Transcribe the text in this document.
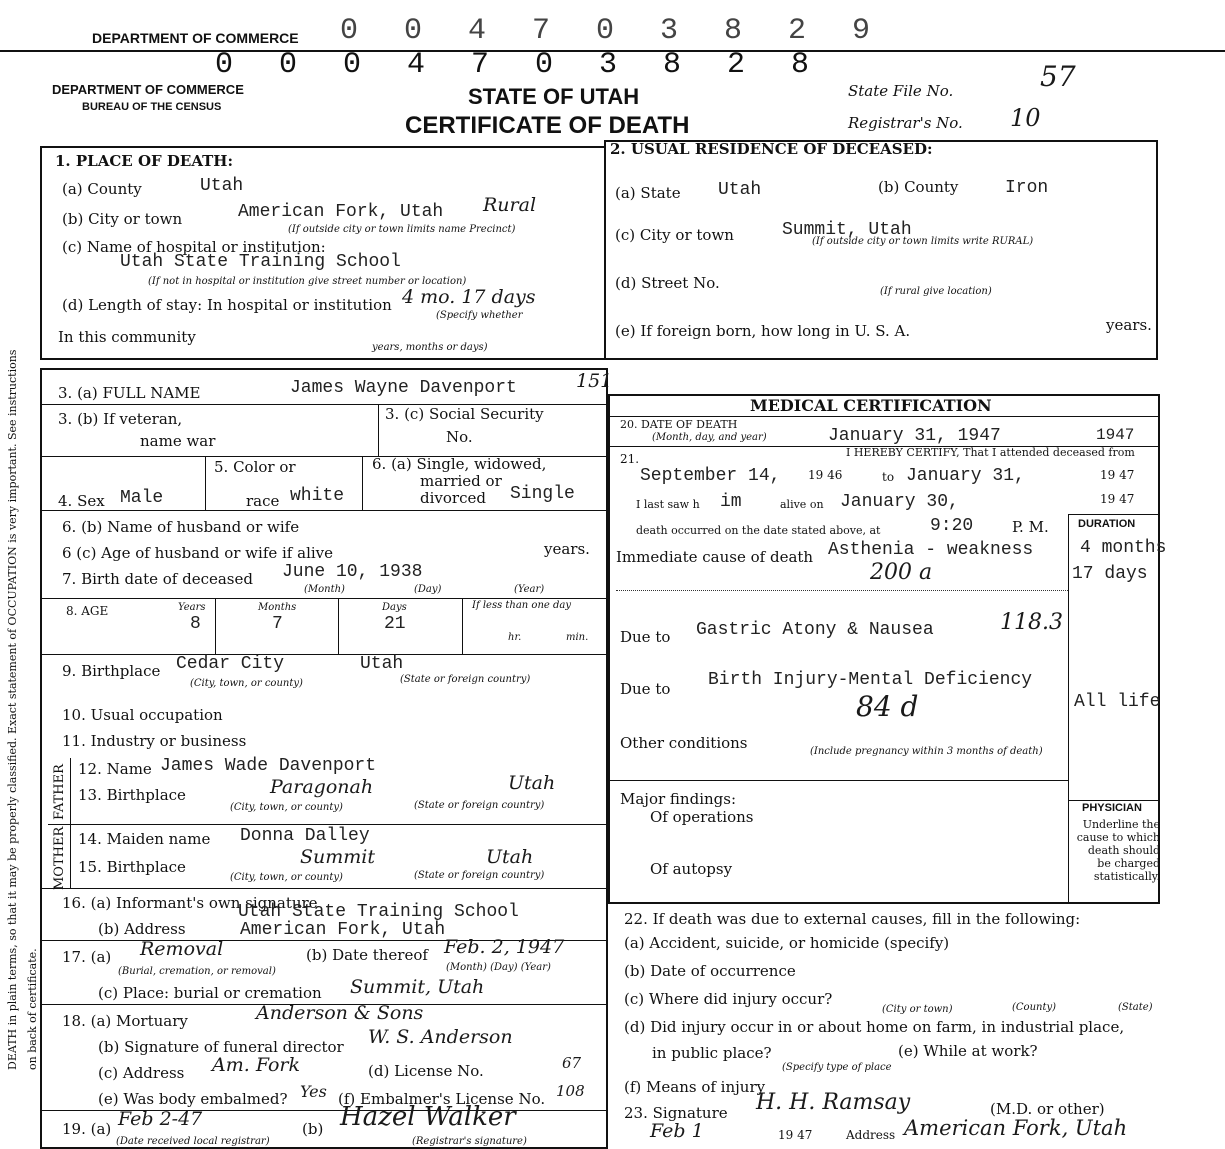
DEPARTMENT OF COMMERCE 0 0 4 7 0 3 8 2 9
DEATH in plain terms, so that it may be properly classified. Exact statement of OCCUPATION is very important. See instructions on back of certificate.
0 0 0 4 7 0 3 8 2 8
DEPARTMENT OF COMMERCE
BUREAU OF THE CENSUS	STATE OF UTAH
CERTIFICATE OF DEATH
State File No.	57
Registrar's No. 10
1. PLACE OF DEATH:
(a) County	Utah
(b) City or town	American Fork, Utah Rural
(If outside city or town limits name Precinct)
(c) Name of hospital or institution:
Utah State Training School
(If not in hospital or institution give street number or location)
(d) Length of stay: In hospital or institution 4 mo. 17 days
(Specify whether
In this community
years, months or days)
2. USUAL RESIDENCE OF DECEASED:
(a) State Utah	(b) County	Iron
(c) City or town	Summit, Utah
(If outside city or town limits write RURAL)
(d) Street No.	(If rural give location)
(e) If foreign born, how long in U. S. A.	years.
3. (a) FULL NAME	James Wayne Davenport	151
3. (b) If veteran,
name war
3. (c) Social Security
No.
4. Sex Male
5. Color or
race white
6. (a) Single, widowed,
married or
divorced Single
6. (b) Name of husband or wife
6 (c) Age of husband or wife if alive	years.
7. Birth date of deceased June 10, 1938
(Month)	(Day)	(Year)
8. AGE	Years
8
Months
7
Days
21
If less than one day
hr.	min.
9. Birthplace Cedar City	Utah
(City, town, or county)	(State or foreign country)
10. Usual occupation
11. Industry or business
FATHER
MOTHER
12. Name James Wade Davenport
13. Birthplace	Paragonah	Utah
(City, town, or county)	(State or foreign country)
14. Maiden name Donna Dalley
15. Birthplace	Summit	Utah
(City, town, or county)	(State or foreign country)
16. (a) Informant's own signature
Utah State Training School
(b) Address	American Fork, Utah
17. (a) Removal	(b) Date thereof Feb. 2, 1947
(Burial, cremation, or removal)	(Month) (Day) (Year)
(c) Place: burial or cremation Summit, Utah
18. (a) Mortuary	Anderson & Sons
(b) Signature of funeral director W. S. Anderson
(c) Address Am. Fork	(d) License No.	67
(e) Was body embalmed? Yes (f) Embalmer's License No. 108
19. (a) Feb 2-47	(b) Hazel Walker
(Date received local registrar)	(Registrar's signature)
MEDICAL CERTIFICATION
20. DATE OF DEATH
(Month, day, and year)	January 31, 1947	1947
21.	I HEREBY CERTIFY, That I attended deceased from
September 14, 19 46	to January 31,	19 47
I last saw h im	alive on January 30,	19 47
death occurred on the date stated above, at	9:20	P. M.	DURATION
Immediate cause of death Asthenia - weakness
200 a
4 months
17 days
Due to Gastric Atony & Nausea	118.3
Due to Birth Injury-Mental Deficiency
84 d	All life
Other conditions	(Include pregnancy within 3 months of death)
Major findings:
Of operations
Of autopsy
PHYSICIAN
Underline the cause to which death should be charged statistically.
22. If death was due to external causes, fill in the following:
(a) Accident, suicide, or homicide (specify)
(b) Date of occurrence
(c) Where did injury occur?
(City or town)	(County)	(State)
(d) Did injury occur in or about home on farm, in industrial place,
in public place?	(e) While at work?
(Specify type of place
(f) Means of injury
23. Signature H. H. Ramsay	(M.D. or other)
Feb 1	19 47	Address American Fork, Utah
